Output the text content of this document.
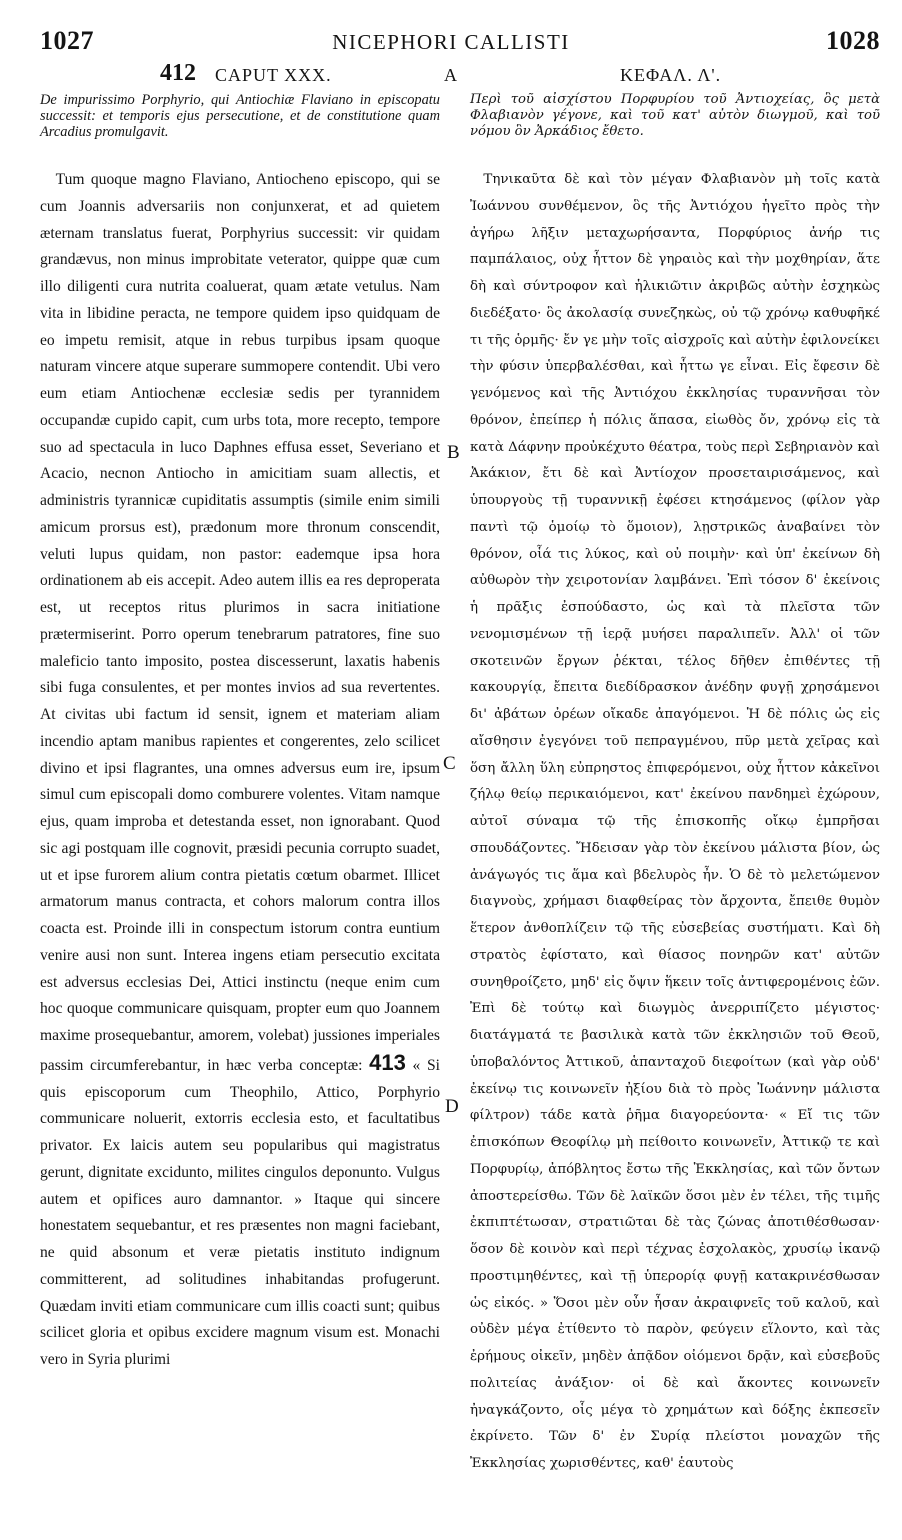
1027	NICEPHORI CALLISTI	1028
412 CAPUT XXX.	A	ΚΕΦΑΛ. Λ'.
De impurissimo Porphyrio, qui Antiochiæ Flaviano in episcopatu successit: et temporis ejus persecutione, et de constitutione quam Arcadius promulgavit.

 Tum quoque magno Flaviano, Antiocheno episcopo, qui se cum Joannis adversariis non conjunxerat, et ad quietem æternam translatus fuerat, Porphyrius successit: vir quidam grandævus, non minus improbitate veterator, quippe quæ cum illo diligenti cura nutrita coaluerat, quam ætate vetulus. Nam vita in libidine peracta, ne tempore quidem ipso quidquam de eo impetu remisit, atque in rebus turpibus ipsam quoque naturam vincere atque superare summopere contendit. Ubi vero eum etiam Antiochenæ ecclesiæ sedis per tyrannidem occupandæ cupido capit, cum urbs tota, more recepto, tempore suo ad spectacula in luco Daphnes effusa esset, Severiano et Acacio, necnon Antiocho in amicitiam suam allectis, et administris tyrannicæ cupiditatis assumptis (simile enim simili amicum prorsus est), prædonum more thronum conscendit, veluti lupus quidam, non pastor: eademque ipsa hora ordinationem ab eis accepit. Adeo autem illis ea res deproperata est, ut receptos ritus plurimos in sacra initiatione prætermiserint. Porro operum tenebrarum patratores, fine suo maleficio tanto imposito, postea discesserunt, laxatis habenis sibi fuga consulentes, et per montes invios ad sua revertentes. At civitas ubi factum id sensit, ignem et materiam aliam incendio aptam manibus rapientes et congerentes, zelo scilicet divino et ipsi flagrantes, una omnes adversus eum ire, ipsum simul cum episcopali domo comburere volentes. Vitam namque ejus, quam improba et detestanda esset, non ignorabant. Quod sic agi postquam ille cognovit, præsidi pecunia corrupto suadet, ut et ipse furorem alium contra pietatis cœtum obarmet. Illicet armatorum manus contracta, et cohors malorum contra illos coacta est. Proinde illi in conspectum istorum contra euntium venire ausi non sunt. Interea ingens etiam persecutio excitata est adversus ecclesias Dei, Attici instinctu (neque enim cum hoc quoque communicare quisquam, propter eum quo Joannem maxime prosequebantur, amorem, volebat) jussiones imperiales passim circumferebantur, in hæc verba conceptæ: 413 « Si quis episcoporum cum Theophilo, Attico, Porphyrio communicare noluerit, extorris ecclesia esto, et facultatibus privator. Ex laicis autem seu popularibus qui magistratus gerunt, dignitate exciduntо, milites cingulos deponunto. Vulgus autem et opifices auro damnantor. » Itaque qui sincere honestatem sequebantur, et res præsentes non magni faciebant, ne quid absonum et veræ pietatis instituto indignum committerent, ad solitudines inhabitandas profugerunt. Quædam inviti etiam communicare cum illis coacti sunt; quibus scilicet gloria et opibus excidere magnum visum est. Monachi vero in Syria plurimi

B
C
D
Περὶ τοῦ αἰσχίστου Πορφυρίου τοῦ Ἀντιοχείας, ὃς μετὰ Φλαβιανὸν γέγονε, καὶ τοῦ κατ' αὐτὸν διωγμοῦ, καὶ τοῦ νόμου ὃν Ἀρκάδιος ἔθετο.

 Τηνικαῦτα δὲ καὶ τὸν μέγαν Φλαβιανὸν μὴ τοῖς κατὰ Ἰωάννου συνθέμενον, ὃς τῆς Ἀντιόχου ἡγεῖτο πρὸς τὴν ἀγήρω λῆξιν μεταχωρήσαντα, Πορφύριος ἀνήρ τις παμπάλαιος, οὐχ ἧττον δὲ γηραιὸς καὶ τὴν μοχθηρίαν, ἅτε δὴ καὶ σύντροφον καὶ ἡλικιῶτιν ἀκριβῶς αὐτὴν ἐσχηκὼς διεδέξατο· ὃς ἀκολασίᾳ συνεζηκὼς, οὐ τῷ χρόνῳ καθυφῆκέ τι τῆς ὁρμῆς· ἔν γε μὴν τοῖς αἰσχροῖς καὶ αὐτὴν ἐφιλονείκει τὴν φύσιν ὑπερβαλέσθαι, καὶ ἧττω γε εἶναι. Εἰς ἔφεσιν δὲ γενόμενος καὶ τῆς Ἀντιόχου ἐκκλησίας τυραννῆσαι τὸν θρόνον, ἐπείπερ ἡ πόλις ἅπασα, εἰωθὸς ὄν, χρόνῳ εἰς τὰ κατὰ Δάφνην προὐκέχυτο θέατρα, τοὺς περὶ Σεβηριανὸν καὶ Ἀκάκιον, ἔτι δὲ καὶ Ἀντίοχον προσεταιρισάμενος, καὶ ὑπουργοὺς τῇ τυραννικῇ ἐφέσει κτησάμενος (φίλον γὰρ παντὶ τῷ ὁμοίῳ τὸ ὅμοιον), λῃστρικῶς ἀναβαίνει τὸν θρόνον, οἷά τις λύκος, καὶ οὐ ποιμὴν· καὶ ὑπ' ἐκείνων δὴ αὐθωρὸν τὴν χειροτονίαν λαμβάνει. Ἐπὶ τόσον δ' ἐκείνοις ἡ πρᾶξις ἐσπούδαστο, ὡς καὶ τὰ πλεῖστα τῶν νενομισμένων τῇ ἱερᾷ μυήσει παραλιπεῖν. Ἀλλ' οἱ τῶν σκοτεινῶν ἔργων ῥέκται, τέλος δῆθεν ἐπιθέντες τῇ κακουργίᾳ, ἔπειτα διεδίδρασκον ἀνέδην φυγῇ χρησάμενοι δι' ἀβάτων ὀρέων οἴκαδε ἀπαγόμενοι. Ἡ δὲ πόλις ὡς εἰς αἴσθησιν ἐγεγόνει τοῦ πεπραγμένου, πῦρ μετὰ χεῖρας καὶ ὅση ἄλλη ὕλη εὐπρηστος ἐπιφερόμενοι, οὐχ ἧττον κἀκεῖνοι ζήλῳ θείῳ περικαιόμενοι, κατ' ἐκείνου πανδημεὶ ἐχώρουν, αὐτοῖ σύναμα τῷ τῆς ἐπισκοπῆς οἴκῳ ἐμπρῆσαι σπουδάζοντες. Ἤδεισαν γὰρ τὸν ἐκείνου μάλιστα βίον, ὡς ἀνάγωγός τις ἅμα καὶ βδελυρὸς ἦν. Ὁ δὲ τὸ μελετώμενον διαγνοὺς, χρήμασι διαφθείρας τὸν ἄρχοντα, ἔπειθε θυμὸν ἕτερον ἀνθοπλίζειν τῷ τῆς εὐσεβείας συστήματι. Καὶ δὴ στρατὸς ἐφίστατο, καὶ θίασος πονηρῶν κατ' αὐτῶν συνηθροίζετο, μηδ' εἰς ὄψιν ἥκειν τοῖς ἀντιφερομένοις ἐῶν. Ἐπὶ δὲ τούτῳ καὶ διωγμὸς ἀνερριπίζετο μέγιστος· διατάγματά τε βασιλικὰ κατὰ τῶν ἐκκλησιῶν τοῦ Θεοῦ, ὑποβαλόντος Ἀττικοῦ, ἁπανταχοῦ διεφοίτων (καὶ γὰρ οὐδ' ἐκείνῳ τις κοινωνεῖν ἠξίου διὰ τὸ πρὸς Ἰωάννην μάλιστα φίλτρον) τάδε κατὰ ῥῆμα διαγορεύοντα· « Εἴ τις τῶν ἐπισκόπων Θεοφίλῳ μὴ πείθοιτο κοινωνεῖν, Ἀττικῷ τε καὶ Πορφυρίῳ, ἀπόβλητος ἔστω τῆς Ἐκκλησίας, καὶ τῶν ὄντων ἀποστερείσθω. Τῶν δὲ λαϊκῶν ὅσοι μὲν ἐν τέλει, τῆς τιμῆς ἐκπιπτέτωσαν, στρατιῶται δὲ τὰς ζώνας ἀποτιθέσθωσαν· ὅσον δὲ κοινὸν καὶ περὶ τέχνας ἐσχολακὸς, χρυσίῳ ἱκανῷ προστιμηθέντες, καὶ τῇ ὑπερορίᾳ φυγῇ κατακρινέσθωσαν ὡς εἰκός. » Ὅσοι μὲν οὖν ἦσαν ἀκραιφνεῖς τοῦ καλοῦ, καὶ οὐδὲν μέγα ἐτίθεντο τὸ παρὸν, φεύγειν εἵλοντο, καὶ τὰς ἐρήμους οἰκεῖν, μηδὲν ἀπᾷδον οἰόμενοι δρᾷν, καὶ εὐσεβοῦς πολιτείας ἀνάξιον· οἱ δὲ καὶ ἄκοντες κοινωνεῖν ἠναγκάζοντο, οἷς μέγα τὸ χρημάτων καὶ δόξης ἐκπεσεῖν ἐκρίνετο. Τῶν δ' ἐν Συρίᾳ πλείστοι μοναχῶν τῆς Ἐκκλησίας χωρισθέντες, καθ' ἑαυτοὺς
